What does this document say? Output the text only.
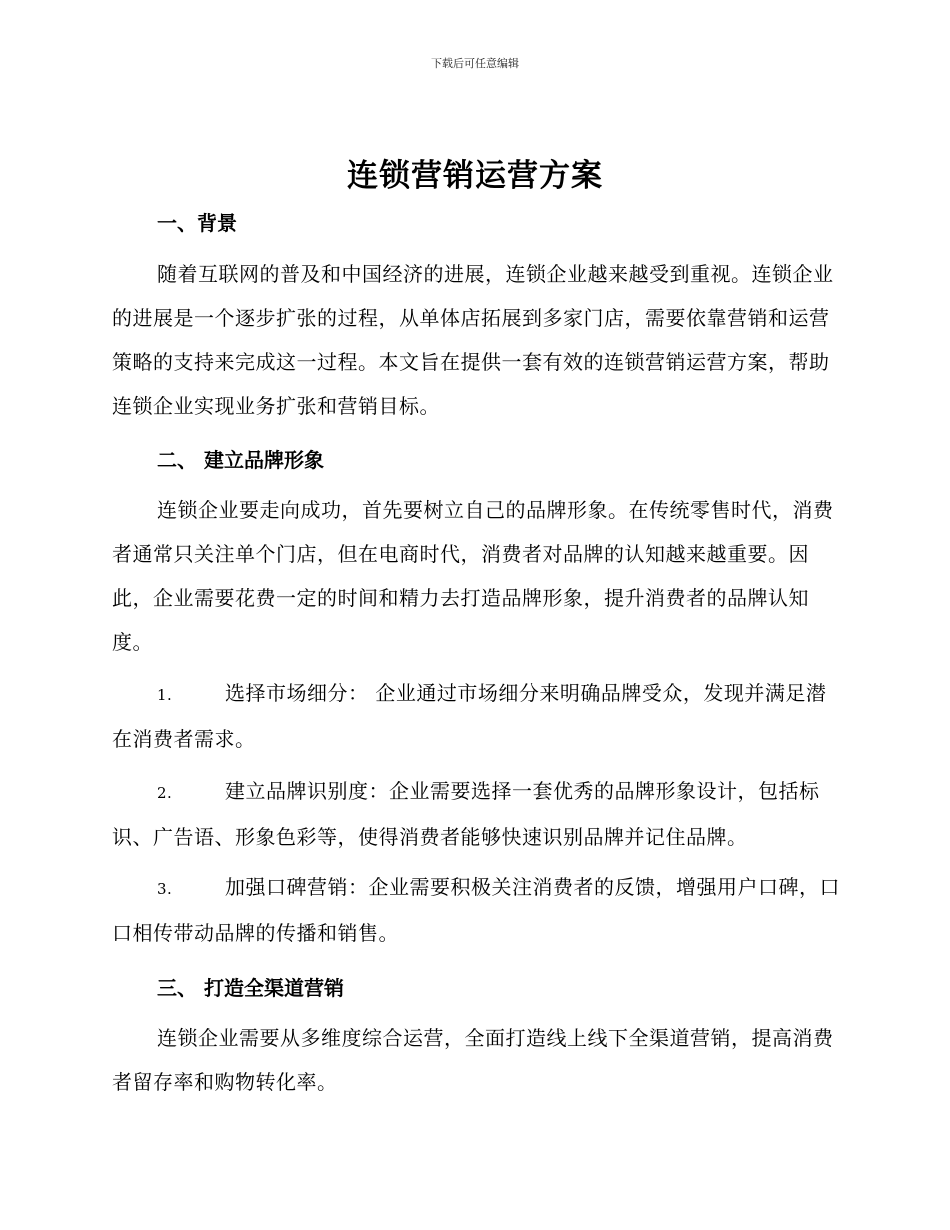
下载后可任意编辑
连锁营销运营方案
一、背景
随着互联网的普及和中国经济的进展，连锁企业越来越受到重视。连锁企业的进展是一个逐步扩张的过程，从单体店拓展到多家门店，需要依靠营销和运营策略的支持来完成这一过程。本文旨在提供一套有效的连锁营销运营方案，帮助连锁企业实现业务扩张和营销目标。
二、 建立品牌形象
连锁企业要走向成功，首先要树立自己的品牌形象。在传统零售时代，消费者通常只关注单个门店，但在电商时代，消费者对品牌的认知越来越重要。因此，企业需要花费一定的时间和精力去打造品牌形象，提升消费者的品牌认知度。
1.	选择市场细分： 企业通过市场细分来明确品牌受众，发现并满足潜在消费者需求。
2.	建立品牌识别度：企业需要选择一套优秀的品牌形象设计，包括标识、广告语、形象色彩等，使得消费者能够快速识别品牌并记住品牌。
3.	加强口碑营销：企业需要积极关注消费者的反馈，增强用户口碑，口口相传带动品牌的传播和销售。
三、 打造全渠道营销
连锁企业需要从多维度综合运营，全面打造线上线下全渠道营销，提高消费者留存率和购物转化率。
